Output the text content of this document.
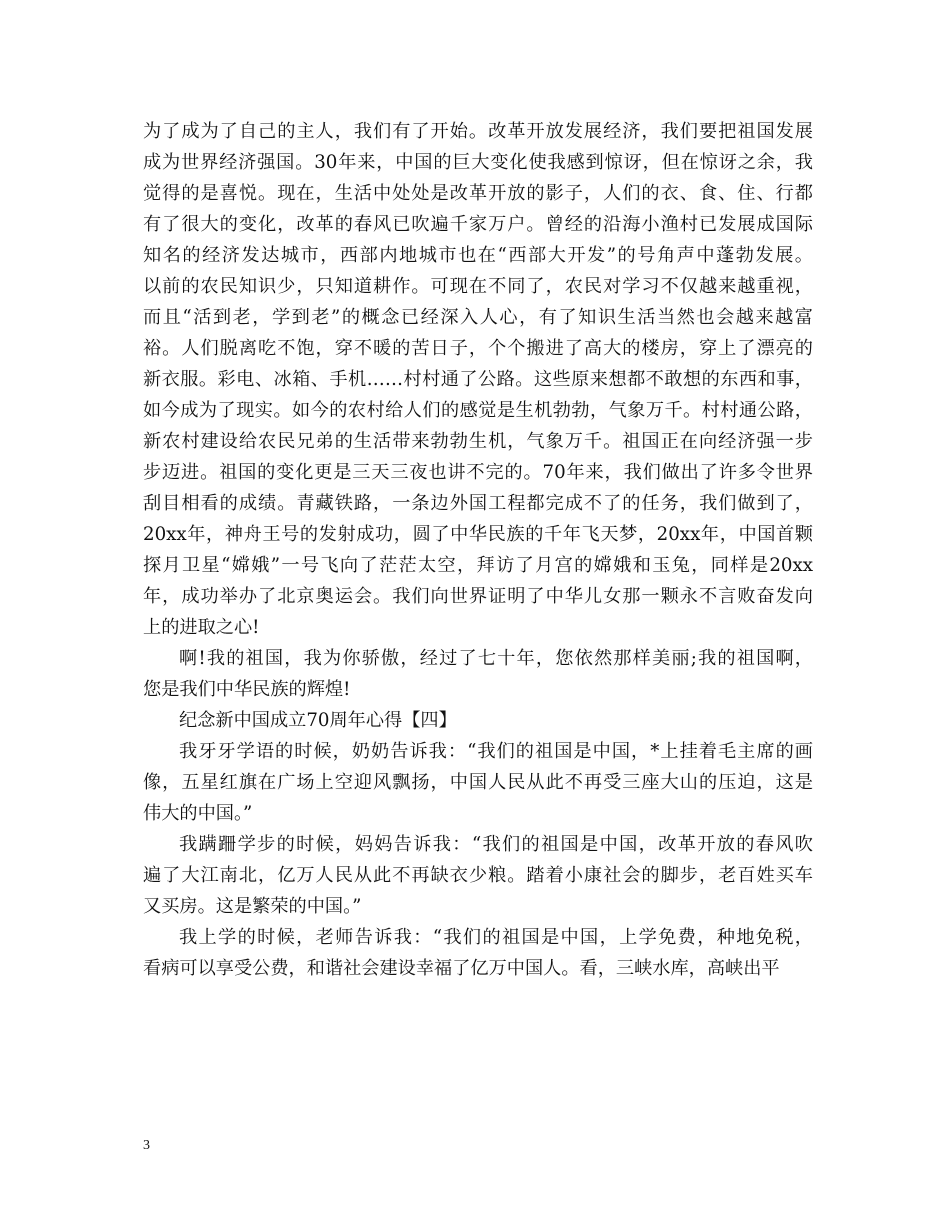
为了成为了自己的主人，我们有了开始。改革开放发展经济，我们要把祖国发展
成为世界经济强国。30年来，中国的巨大变化使我感到惊讶，但在惊讶之余，我
觉得的是喜悦。现在，生活中处处是改革开放的影子，人们的衣、食、住、行都
有了很大的变化，改革的春风已吹遍千家万户。曾经的沿海小渔村已发展成国际
知名的经济发达城市，西部内地城市也在“西部大开发”的号角声中蓬勃发展。
以前的农民知识少，只知道耕作。可现在不同了，农民对学习不仅越来越重视，
而且“活到老，学到老”的概念已经深入人心，有了知识生活当然也会越来越富
裕。人们脱离吃不饱，穿不暖的苦日子，个个搬进了高大的楼房，穿上了漂亮的
新衣服。彩电、冰箱、手机……村村通了公路。这些原来想都不敢想的东西和事，
如今成为了现实。如今的农村给人们的感觉是生机勃勃，气象万千。村村通公路，
新农村建设给农民兄弟的生活带来勃勃生机，气象万千。祖国正在向经济强一步
步迈进。祖国的变化更是三天三夜也讲不完的。70年来，我们做出了许多令世界
刮目相看的成绩。青藏铁路，一条边外国工程都完成不了的任务，我们做到了，
20xx年，神舟王号的发射成功，圆了中华民族的千年飞天梦，20xx年，中国首颗
探月卫星“嫦娥”一号飞向了茫茫太空，拜访了月宫的嫦娥和玉兔，同样是20xx
年，成功举办了北京奥运会。我们向世界证明了中华儿女那一颗永不言败奋发向
上的进取之心!
啊!我的祖国，我为你骄傲，经过了七十年，您依然那样美丽;我的祖国啊，
您是我们中华民族的辉煌!
纪念新中国成立70周年心得【四】
我牙牙学语的时候，奶奶告诉我：“我们的祖国是中国，*上挂着毛主席的画
像，五星红旗在广场上空迎风飘扬，中国人民从此不再受三座大山的压迫，这是
伟大的中国。”
我蹒跚学步的时候，妈妈告诉我：“我们的祖国是中国，改革开放的春风吹
遍了大江南北，亿万人民从此不再缺衣少粮。踏着小康社会的脚步，老百姓买车
又买房。这是繁荣的中国。”
我上学的时候，老师告诉我：“我们的祖国是中国，上学免费，种地免税，
看病可以享受公费，和谐社会建设幸福了亿万中国人。看，三峡水库，高峡出平
3
